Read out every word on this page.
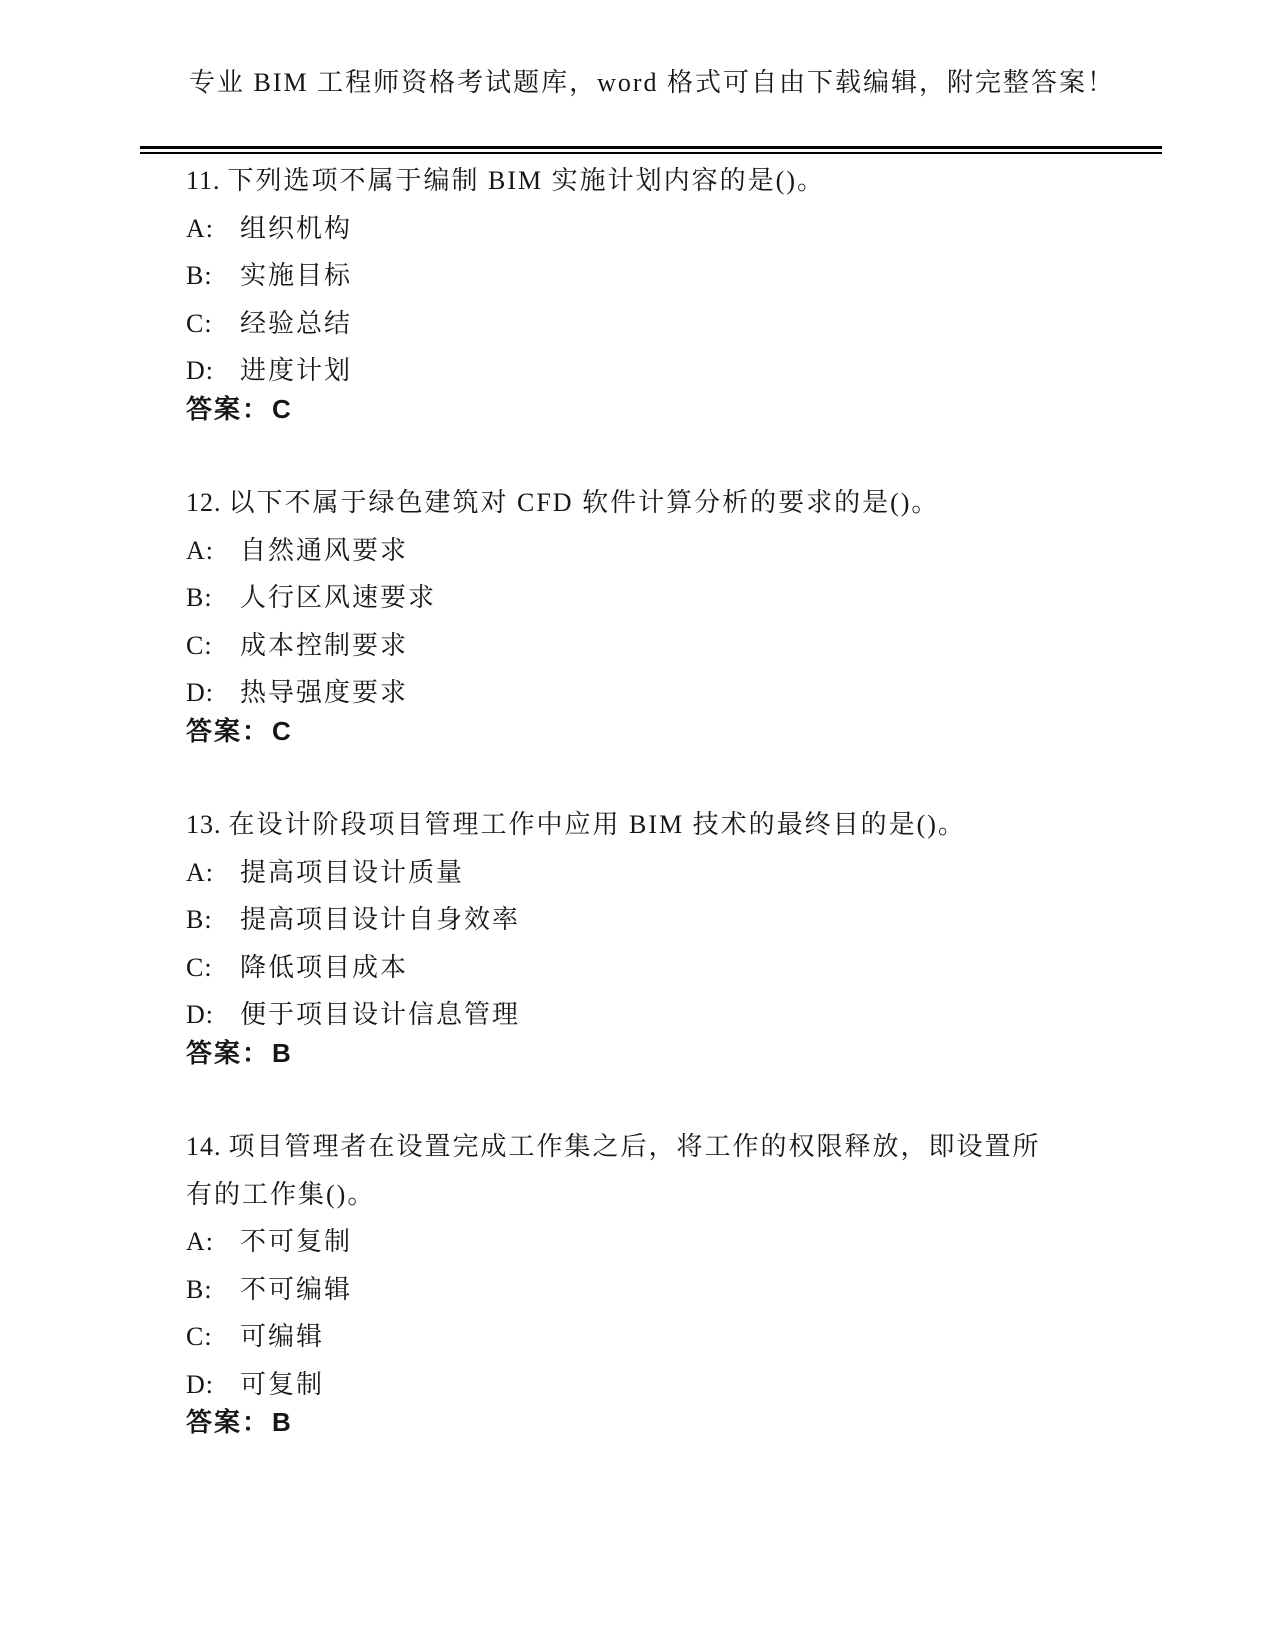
专业 BIM 工程师资格考试题库，word 格式可自由下载编辑，附完整答案！
11. 下列选项不属于编制 BIM 实施计划内容的是()。
A: 组织机构
B: 实施目标
C: 经验总结
D: 进度计划
答案：C
12. 以下不属于绿色建筑对 CFD 软件计算分析的要求的是()。
A: 自然通风要求
B: 人行区风速要求
C: 成本控制要求
D: 热导强度要求
答案：C
13. 在设计阶段项目管理工作中应用 BIM 技术的最终目的是()。
A: 提高项目设计质量
B: 提高项目设计自身效率
C: 降低项目成本
D: 便于项目设计信息管理
答案：B
14. 项目管理者在设置完成工作集之后，将工作的权限释放，即设置所
有的工作集()。
A: 不可复制
B: 不可编辑
C: 可编辑
D: 可复制
答案：B
